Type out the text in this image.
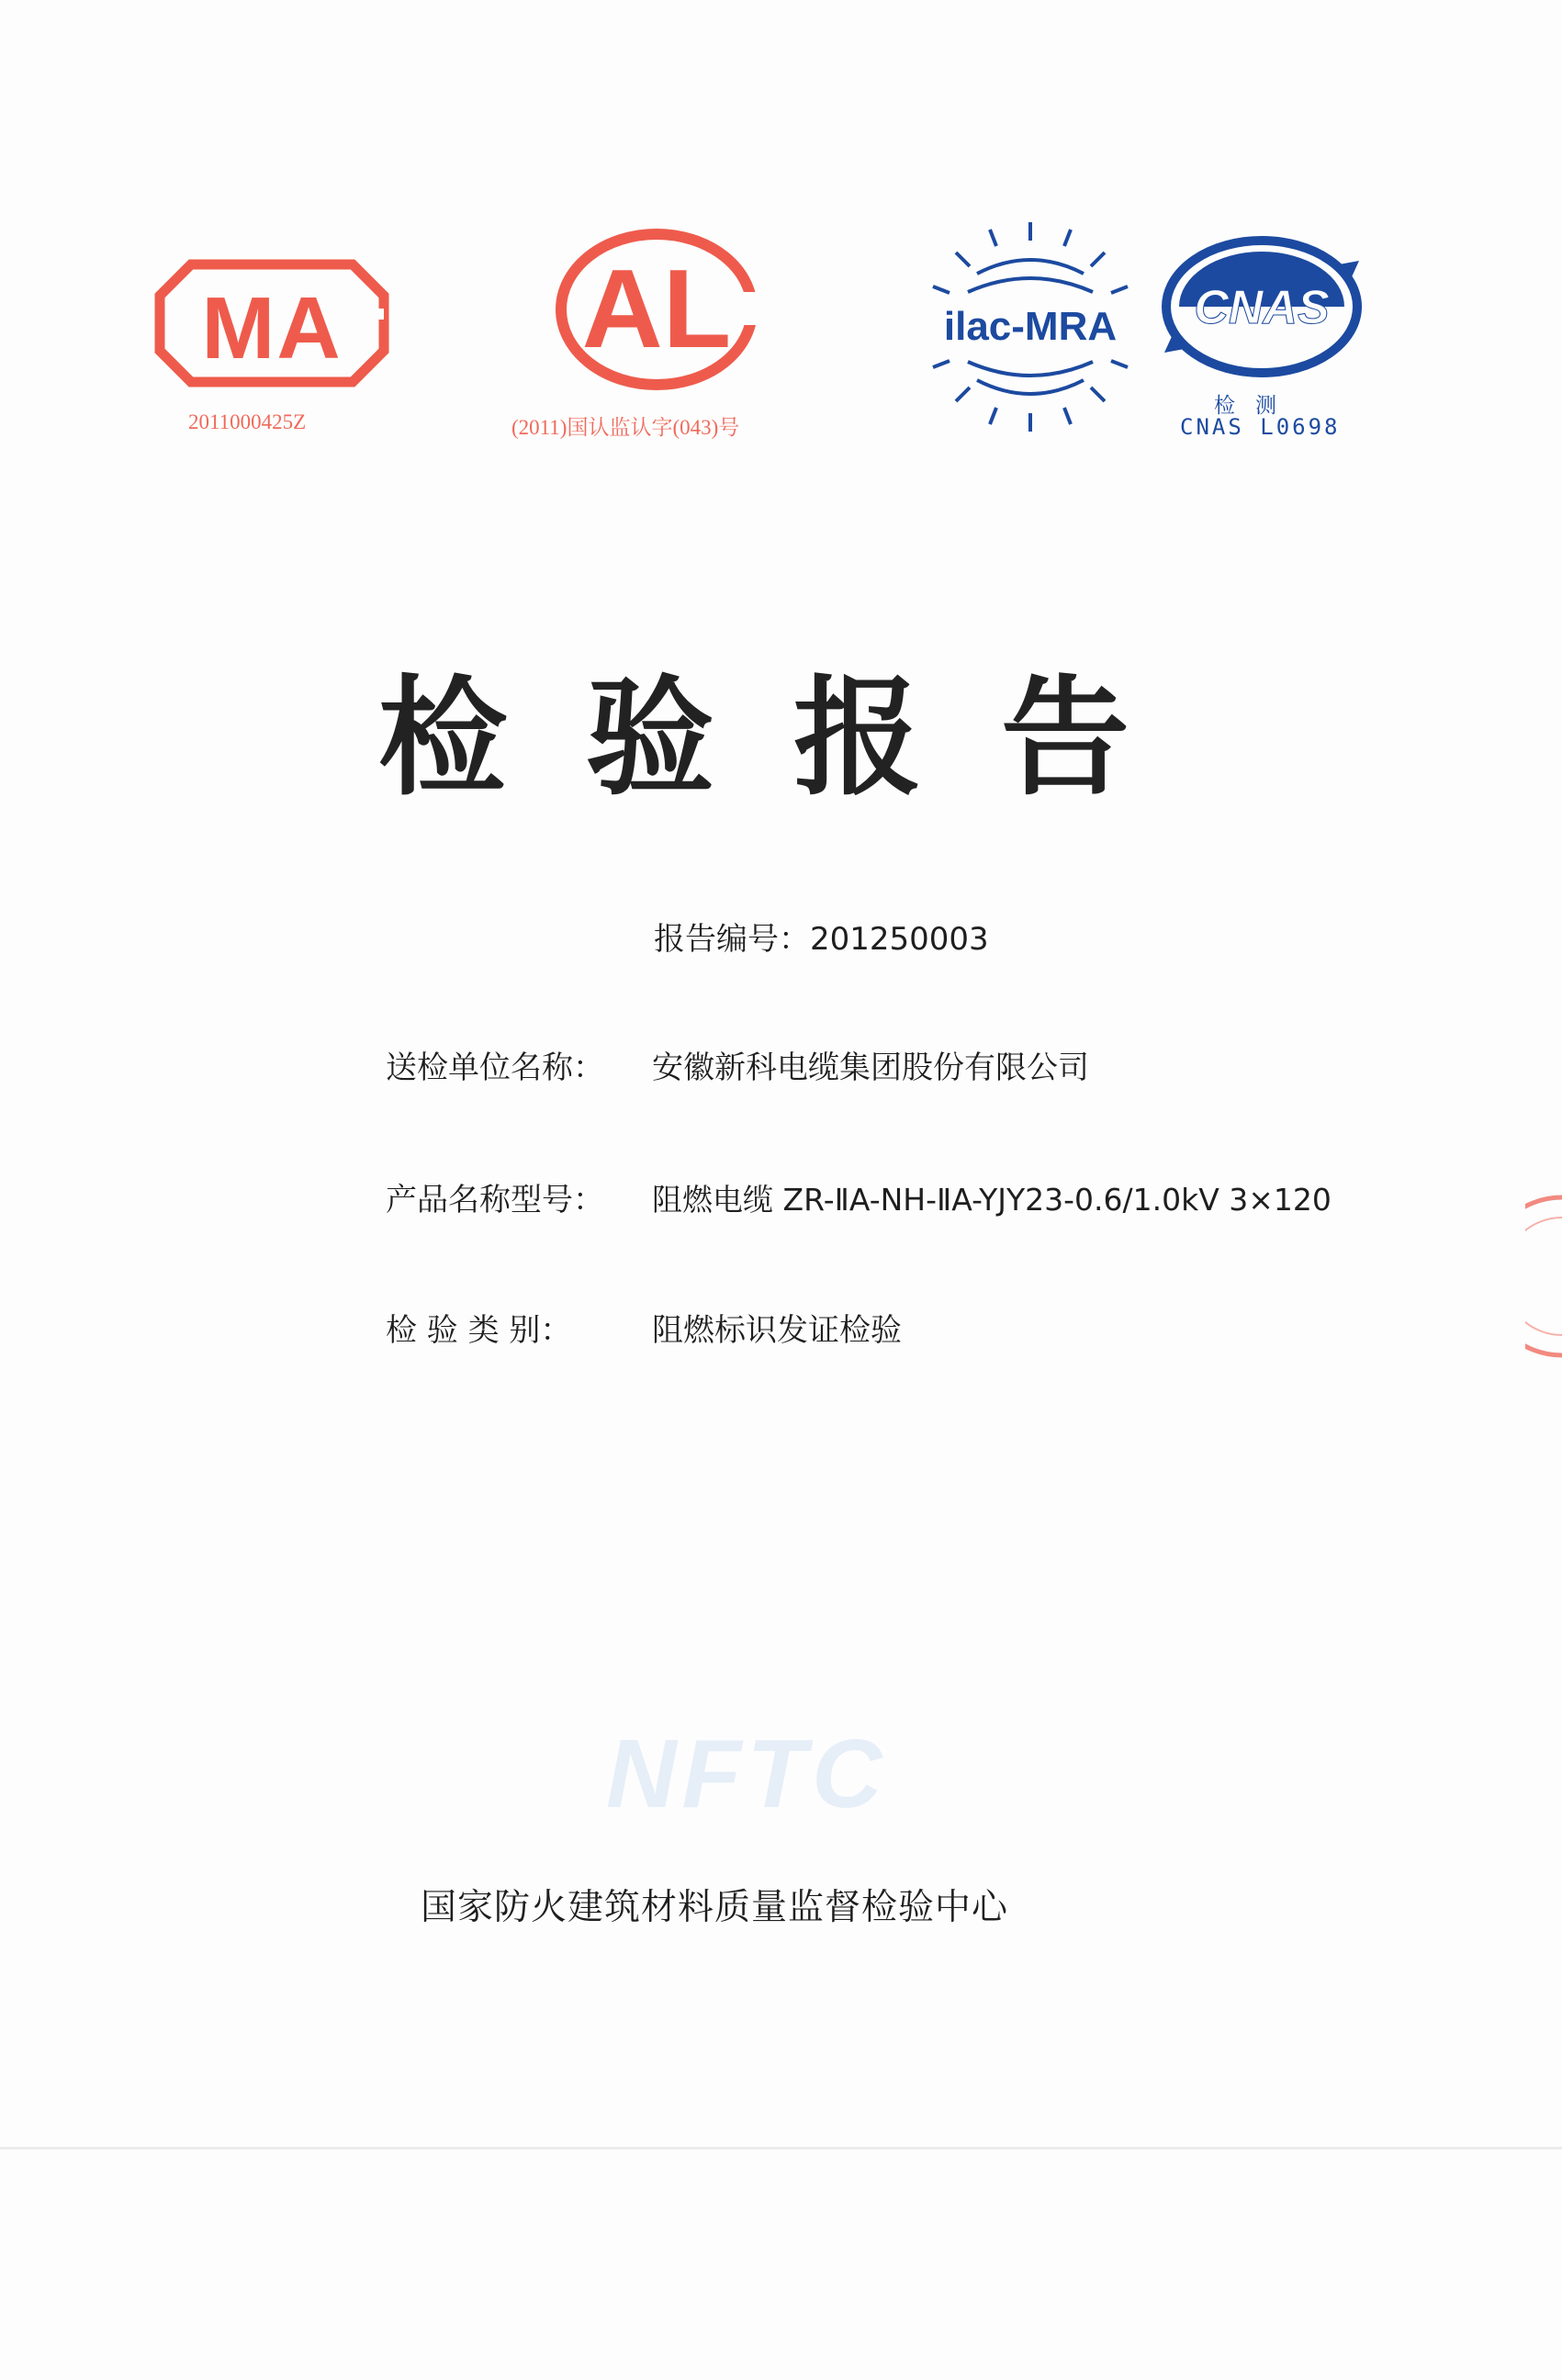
MA
2011000425Z
AL
(2011)国认监认字(043)号
ilac-MRA CNAS
检测
CNAS L0698
检验报告
报告编号：201250003
送检单位名称： 安徽新科电缆集团股份有限公司
产品名称型号： 阻燃电缆 ZR-ⅡA-NH-ⅡA-YJY23-0.6/1.0kV 3×120
检 验 类 别：	阻燃标识发证检验
NFTC
国家防火建筑材料质量监督检验中心
